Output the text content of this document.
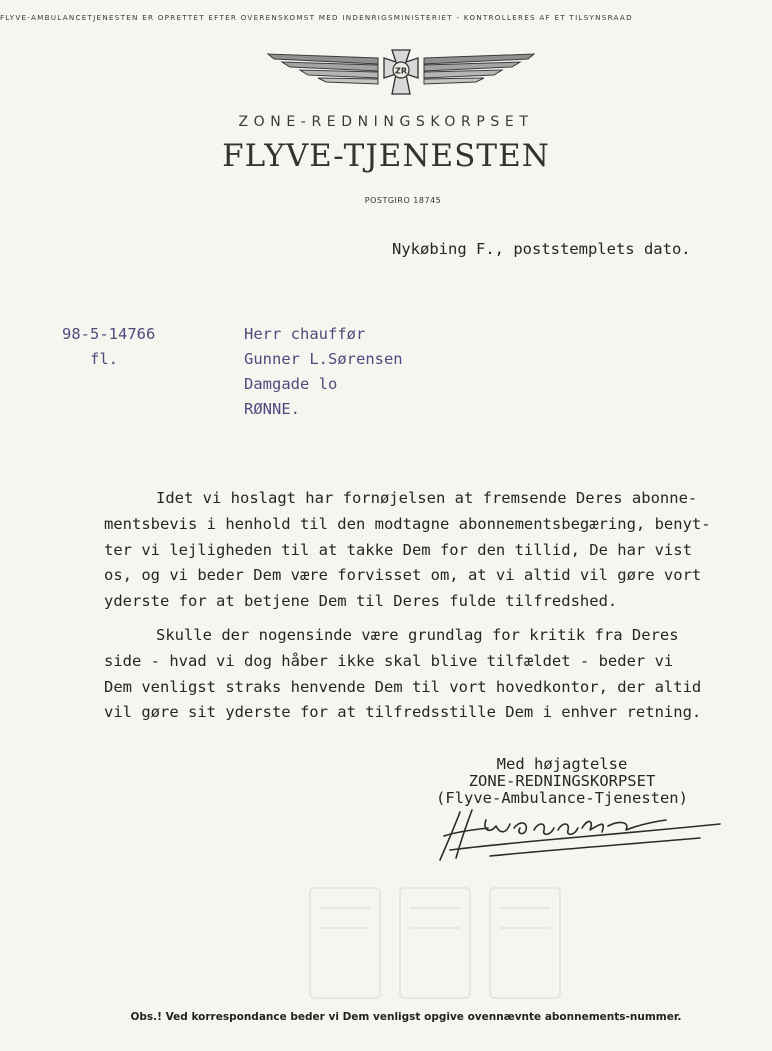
FLYVE-AMBULANCETJENESTEN ER OPRETTET EFTER OVERENSKOMST MED INDENRIGSMINISTERIET - KONTROLLERES AF ET TILSYNSRAAD
ZR
ZONE-REDNINGSKORPSET
FLYVE-TJENESTEN
POSTGIRO 18745
Nykøbing F., poststemplets dato.
98-5-14766
fl.
Herr chauffør
Gunner L.Sørensen
Damgade lo
RØNNE.

Idet vi hoslagt har fornøjelsen at fremsende Deres abonne-
mentsbevis i henhold til den modtagne abonnementsbegæring, benyt-
ter vi lejligheden til at takke Dem for den tillid, De har vist
os, og vi beder Dem være forvisset om, at vi altid vil gøre vort
yderste for at betjene Dem til Deres fulde tilfredshed.

Skulle der nogensinde være grundlag for kritik fra Deres
side - hvad vi dog håber ikke skal blive tilfældet - beder vi
Dem venligst straks henvende Dem til vort hovedkontor, der altid
vil gøre sit yderste for at tilfredsstille Dem i enhver retning.

Med højagtelse
ZONE-REDNINGSKORPSET
(Flyve-Ambulance-Tjenesten)
Obs.! Ved korrespondance beder vi Dem venligst opgive ovennævnte abonnements-nummer.
